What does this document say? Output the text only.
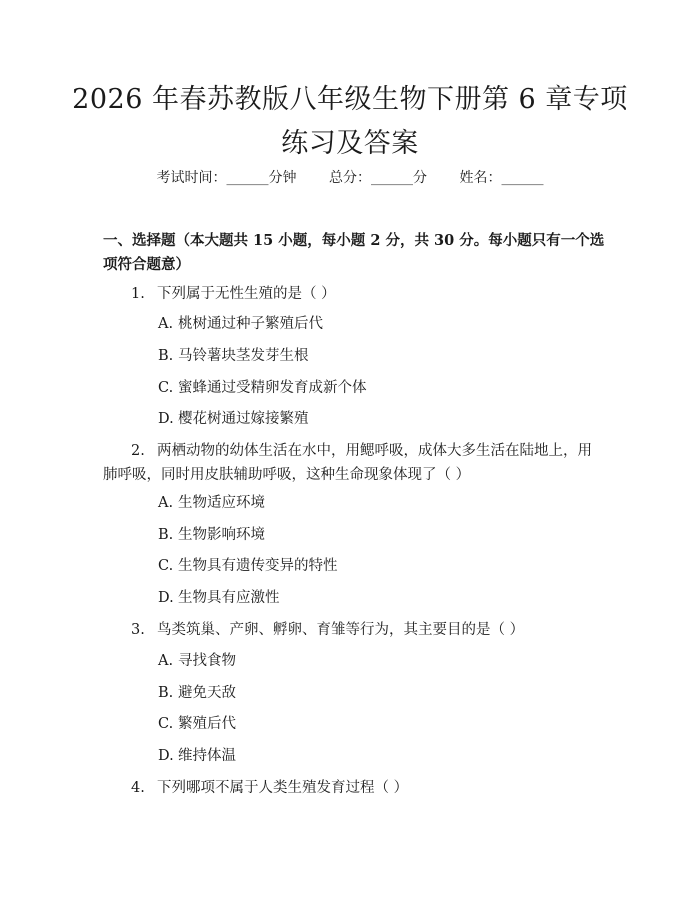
2026 年春苏教版八年级生物下册第 6 章专项
练习及答案
考试时间：______分钟 总分：______分 姓名：______
一、选择题（本大题共 15 小题，每小题 2 分，共 30 分。每小题只有一个选项符合题意）
1. 下列属于无性生殖的是（ ）
A. 桃树通过种子繁殖后代
B. 马铃薯块茎发芽生根
C. 蜜蜂通过受精卵发育成新个体
D. 樱花树通过嫁接繁殖
2. 两栖动物的幼体生活在水中，用鳃呼吸，成体大多生活在陆地上，用肺呼吸，同时用皮肤辅助呼吸，这种生命现象体现了（ ）
A. 生物适应环境
B. 生物影响环境
C. 生物具有遗传变异的特性
D. 生物具有应激性
3. 鸟类筑巢、产卵、孵卵、育雏等行为，其主要目的是（ ）
A. 寻找食物
B. 避免天敌
C. 繁殖后代
D. 维持体温
4. 下列哪项不属于人类生殖发育过程（ ）
